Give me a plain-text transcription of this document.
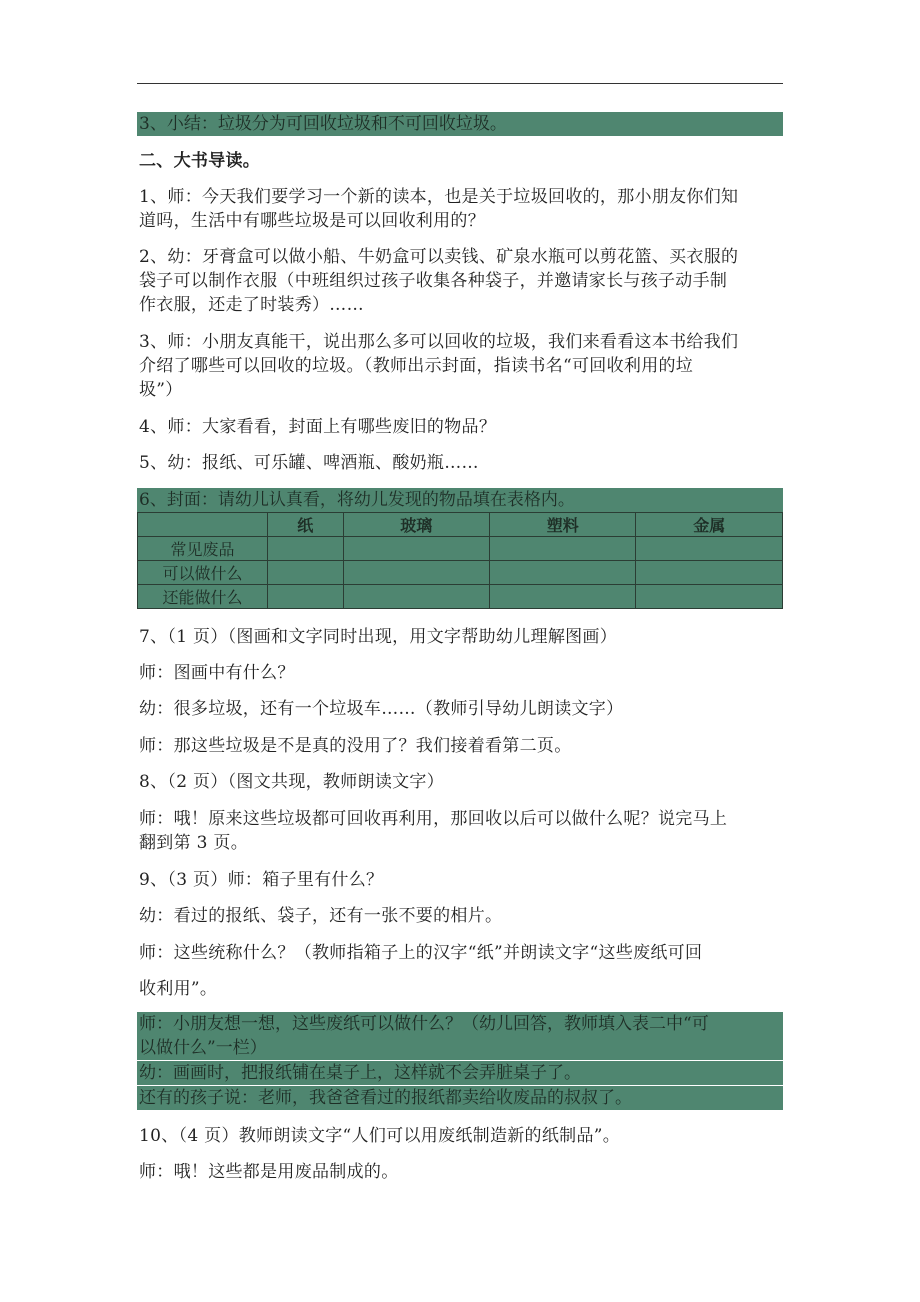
3、小结：垃圾分为可回收垃圾和不可回收垃圾。
二、大书导读。
1、师：今天我们要学习一个新的读本，也是关于垃圾回收的，那小朋友你们知
道吗，生活中有哪些垃圾是可以回收利用的？
2、幼：牙膏盒可以做小船、牛奶盒可以卖钱、矿泉水瓶可以剪花篮、买衣服的
袋子可以制作衣服（中班组织过孩子收集各种袋子，并邀请家长与孩子动手制
作衣服，还走了时装秀）……
3、师：小朋友真能干，说出那么多可以回收的垃圾，我们来看看这本书给我们
介绍了哪些可以回收的垃圾。（教师出示封面，指读书名“可回收利用的垃
圾”）
4、师：大家看看，封面上有哪些废旧的物品？
5、幼：报纸、可乐罐、啤酒瓶、酸奶瓶……
6、封面：请幼儿认真看，将幼儿发现的物品填在表格内。
	纸	玻璃	塑料	金属
常见废品				
可以做什么				
还能做什么				
7、（1 页）（图画和文字同时出现，用文字帮助幼儿理解图画）
师：图画中有什么？
幼：很多垃圾，还有一个垃圾车……（教师引导幼儿朗读文字）
师：那这些垃圾是不是真的没用了？我们接着看第二页。
8、（2 页）（图文共现，教师朗读文字）
师：哦！原来这些垃圾都可回收再利用，那回收以后可以做什么呢？说完马上
翻到第 3 页。
9、（3 页）师：箱子里有什么？
幼：看过的报纸、袋子，还有一张不要的相片。
师：这些统称什么？（教师指箱子上的汉字“纸”并朗读文字“这些废纸可回
收利用”。
师：小朋友想一想，这些废纸可以做什么？（幼儿回答，教师填入表二中“可
以做什么”一栏）
幼：画画时，把报纸铺在桌子上，这样就不会弄脏桌子了。
还有的孩子说：老师，我爸爸看过的报纸都卖给收废品的叔叔了。
10、（4 页）教师朗读文字“人们可以用废纸制造新的纸制品”。
师：哦！这些都是用废品制成的。
